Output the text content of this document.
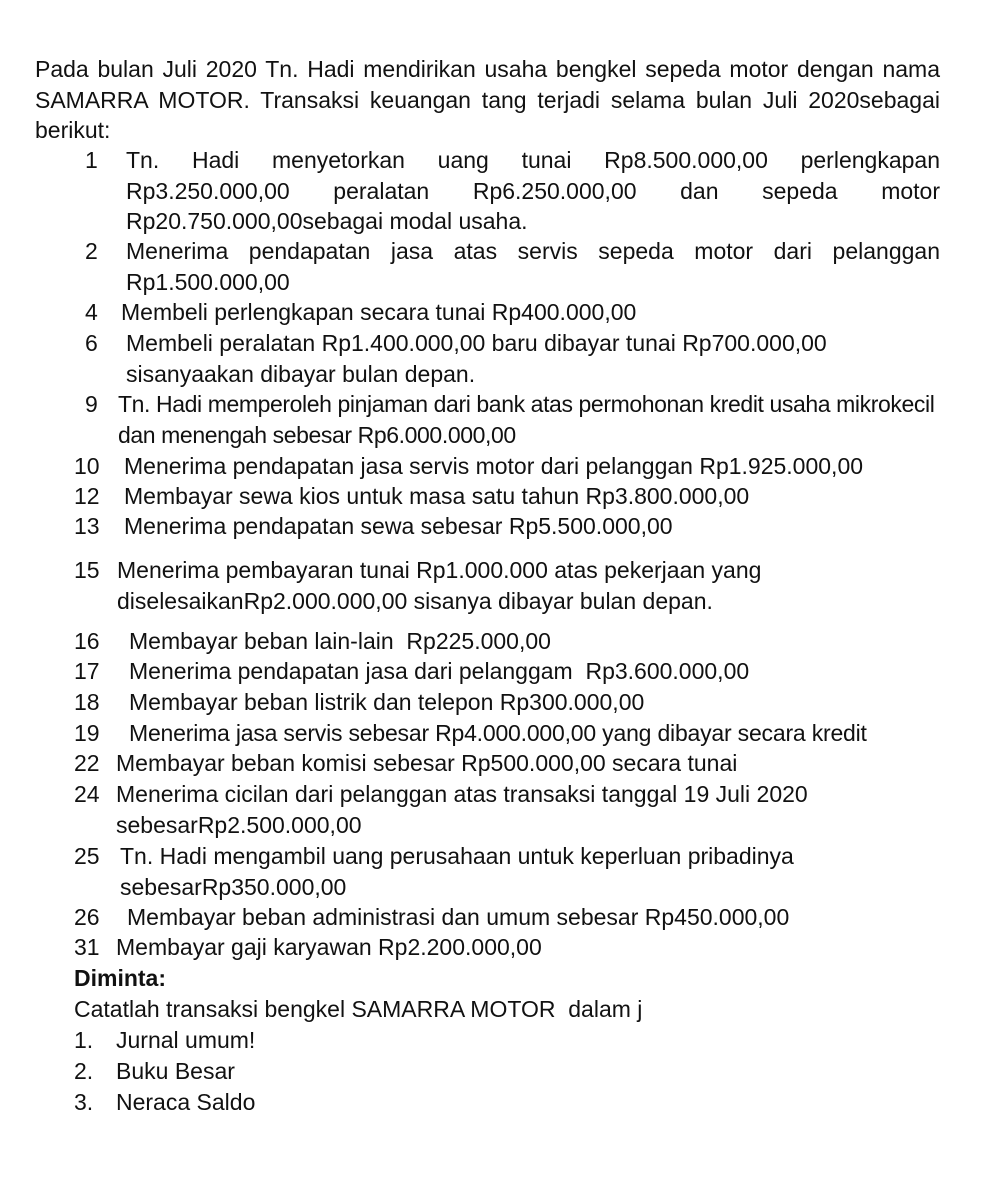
Pada bulan Juli 2020 Tn. Hadi mendirikan usaha bengkel sepeda motor dengan nama SAMARRA MOTOR. Transaksi keuangan tang terjadi selama bulan Juli 2020sebagai berikut:

1 Tn. Hadi menyetorkan uang tunai Rp8.500.000,00 perlengkapan Rp3.250.000,00 peralatan Rp6.250.000,00 dan sepeda motor Rp20.750.000,00sebagai modal usaha.
2 Menerima pendapatan jasa atas servis sepeda motor dari pelanggan Rp1.500.000,00
4 Membeli perlengkapan secara tunai Rp400.000,00
6 Membeli peralatan Rp1.400.000,00 baru dibayar tunai Rp700.000,00 sisanyaakan dibayar bulan depan.
9 Tn. Hadi memperoleh pinjaman dari bank atas permohonan kredit usaha mikrokecil dan menengah sebesar Rp6.000.000,00
10 Menerima pendapatan jasa servis motor dari pelanggan Rp1.925.000,00
12 Membayar sewa kios untuk masa satu tahun Rp3.800.000,00
13 Menerima pendapatan sewa sebesar Rp5.500.000,00
15 Menerima pembayaran tunai Rp1.000.000 atas pekerjaan yang diselesaikanRp2.000.000,00 sisanya dibayar bulan depan.
16 Membayar beban lain-lain  Rp225.000,00
17 Menerima pendapatan jasa dari pelanggam  Rp3.600.000,00
18 Membayar beban listrik dan telepon Rp300.000,00
19 Menerima jasa servis sebesar Rp4.000.000,00 yang dibayar secara kredit
22 Membayar beban komisi sebesar Rp500.000,00 secara tunai
24 Menerima cicilan dari pelanggan atas transaksi tanggal 19 Juli 2020 sebesarRp2.500.000,00
25 Tn. Hadi mengambil uang perusahaan untuk keperluan pribadinya sebesarRp350.000,00
26 Membayar beban administrasi dan umum sebesar Rp450.000,00
31 Membayar gaji karyawan Rp2.200.000,00
Diminta:
Catatlah transaksi bengkel SAMARRA MOTOR  dalam j
1. Jurnal umum!
2. Buku Besar
3. Neraca Saldo
